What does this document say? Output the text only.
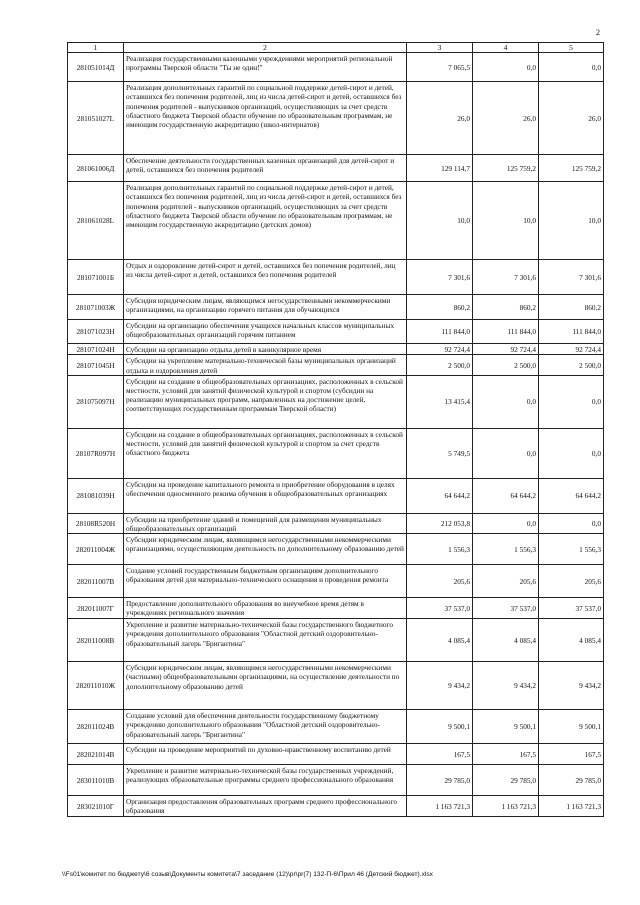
2
1	2	3	4	5
281051014Д	Реализация государственными казенными учреждениями мероприятий региональной программы Тверской области "Ты не один!"	7 065,5	0,0	0,0
281051027L	Реализация дополнительных гарантий по социальной поддержке детей-сирот и детей, оставшихся без попечения родителей, лиц из числа детей-сирот и детей, оставшихся без попечения родителей - выпускников организаций, осуществляющих за счет средств областного бюджета Тверской области обучение по образовательным программам, не имеющим государственную аккредитацию (школ-интернатов)	26,0	26,0	26,0
281061006Д	Обеспечение деятельности государственных казенных организаций для детей-сирот и детей, оставшихся без попечения родителей	129 114,7	125 759,2	125 759,2
281061028L	Реализация дополнительных гарантий по социальной поддержке детей-сирот и детей, оставшихся без попечения родителей, лиц из числа детей-сирот и детей, оставшихся без попечения родителей - выпускников организаций, осуществляющих за счет средств областного бюджета Тверской области обучение по образовательным программам, не имеющим государственную аккредитацию (детских домов)	10,0	10,0	10,0
281071001Б	Отдых и оздоровление детей-сирот и детей, оставшихся без попечения родителей, лиц из числа детей-сирот и детей, оставшихся без попечения родителей	7 301,6	7 301,6	7 301,6
281071003Ж	Субсидия юридическим лицам, являющимся негосударственными некоммерческими организациями, на организацию горячего питания для обучающихся	860,2	860,2	860,2
281071023Н	Субсидии на организацию обеспечения учащихся начальных классов муниципальных общеобразовательных организаций горячим питанием	111 844,0	111 844,0	111 844,0
281071024Н	Субсидии на организацию отдыха детей в каникулярное время	92 724,4	92 724,4	92 724,4
281071045Н	Субсидии на укрепление материально-технической базы муниципальных организаций отдыха и оздоровления детей	2 500,0	2 500,0	2 500,0
281075097Н	Субсидии на создание в общеобразовательных организациях, расположенных в сельской местности, условий для занятий физической культурой и спортом (субсидии на реализацию муниципальных программ, направленных на достижение целей, соответствующих государственным программам Тверской области)	13 415,4	0,0	0,0
28107R097Н	Субсидии на создание в общеобразовательных организациях, расположенных в сельской местности, условий для занятий физической культурой и спортом за счет средств областного бюджета	5 749,5	0,0	0,0
281081039Н	Субсидии на проведение капитального ремонта и приобретение оборудования в целях обеспечения односменного режима обучения в общеобразовательных организациях	64 644,2	64 644,2	64 644,2
28108R520Н	Субсидии на приобретение зданий и помещений для размещения муниципальных общеобразовательных организаций	212 053,8	0,0	0,0
282011004Ж	Субсидии юридическим лицам, являющимся негосударственными некоммерческими организациями, осуществляющим деятельность по дополнительному образованию детей	1 556,3	1 556,3	1 556,3
282011007В	Создание условий государственным бюджетным организациям дополнительного образования детей для материально-технического оснащения и проведения ремонта	205,6	205,6	205,6
282011007Г	Предоставление дополнительного образования во внеучебное время детям в учреждениях регионального значения	37 537,0	37 537,0	37 537,0
282011008В	Укрепление и развитие материально-технической базы государственного бюджетного учреждения дополнительного образования "Областной детский оздоровительно-образовательный лагерь "Бригантина"	4 085,4	4 085,4	4 085,4
282011010Ж	Субсидии юридическим лицам, являющимся негосударственными некоммерческими (частными) общеобразовательными организациями, на осуществление деятельности по дополнительному образованию детей	9 434,2	9 434,2	9 434,2
282011024В	Создание условий для обеспечения деятельности государственному бюджетному учреждению дополнительного образования "Областной детский оздоровительно-образовательный лагерь "Бригантина"	9 500,1	9 500,1	9 500,1
282021014В	Субсидии на проведение мероприятий по духовно-нравственному воспитанию детей	167,5	167,5	167,5
283011010В	Укрепление и развитие материально-технической базы государственных учреждений, реализующих образовательные программы среднего профессионального образования	29 785,0	29 785,0	29 785,0
283021010Г	Организация предоставления образовательных программ среднего профессионального образования	1 163 721,3	1 163 721,3	1 163 721,3
\\Fs01\комитет по бюджету\6 созыв\Документы комитета\7 заседание (12)\pr\pr(7) 132-П-6\Прил 46 (Детский бюджет).xlsx
